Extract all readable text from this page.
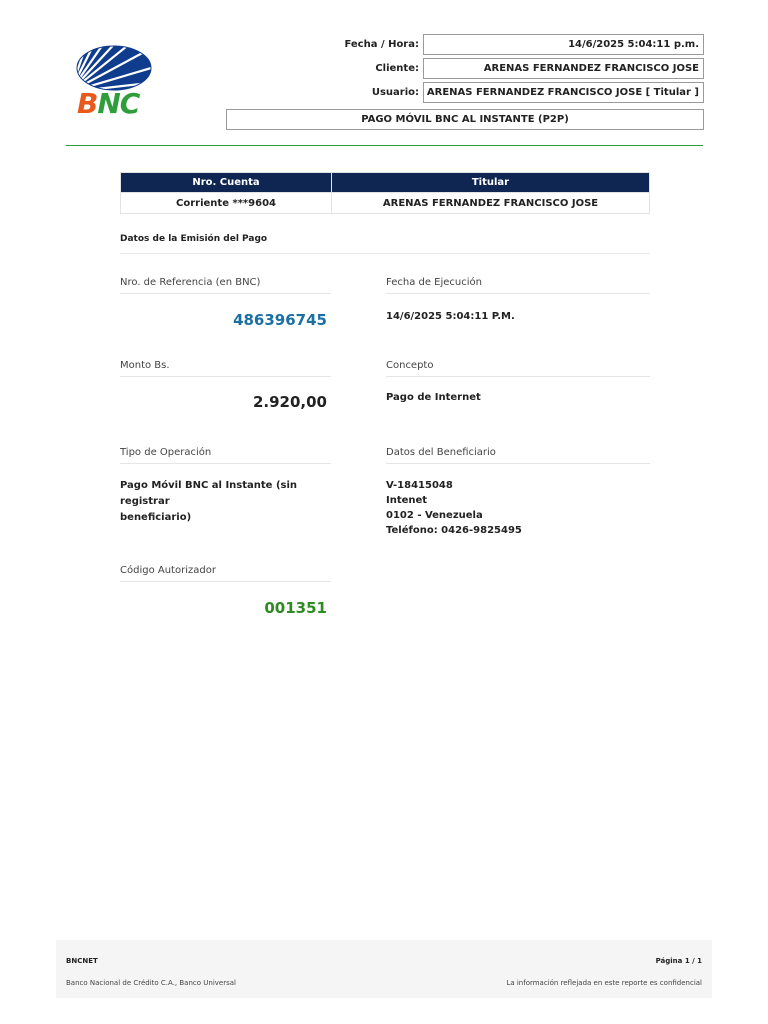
BNC
Fecha / Hora:	14/6/2025 5:04:11 p.m.
Cliente:	ARENAS FERNANDEZ FRANCISCO JOSE
Usuario: ARENAS FERNANDEZ FRANCISCO JOSE [ Titular ]
PAGO MÓVIL BNC AL INSTANTE (P2P)
Nro. Cuenta	Titular
Corriente ***9604	ARENAS FERNANDEZ FRANCISCO JOSE
Datos de la Emisión del Pago
Nro. de Referencia (en BNC)
486396745
Fecha de Ejecución
14/6/2025 5:04:11 P.M.
Monto Bs.
2.920,00
Concepto
Pago de Internet
Tipo de Operación
Pago Móvil BNC al Instante (sin registrar
beneficiario)
Datos del Beneficiario
V-18415048
Intenet
0102 - Venezuela
Teléfono: 0426-9825495
Código Autorizador
001351
BNCNET	Página 1 / 1
Banco Nacional de Crédito C.A., Banco Universal	La información reflejada en este reporte es confidencial
